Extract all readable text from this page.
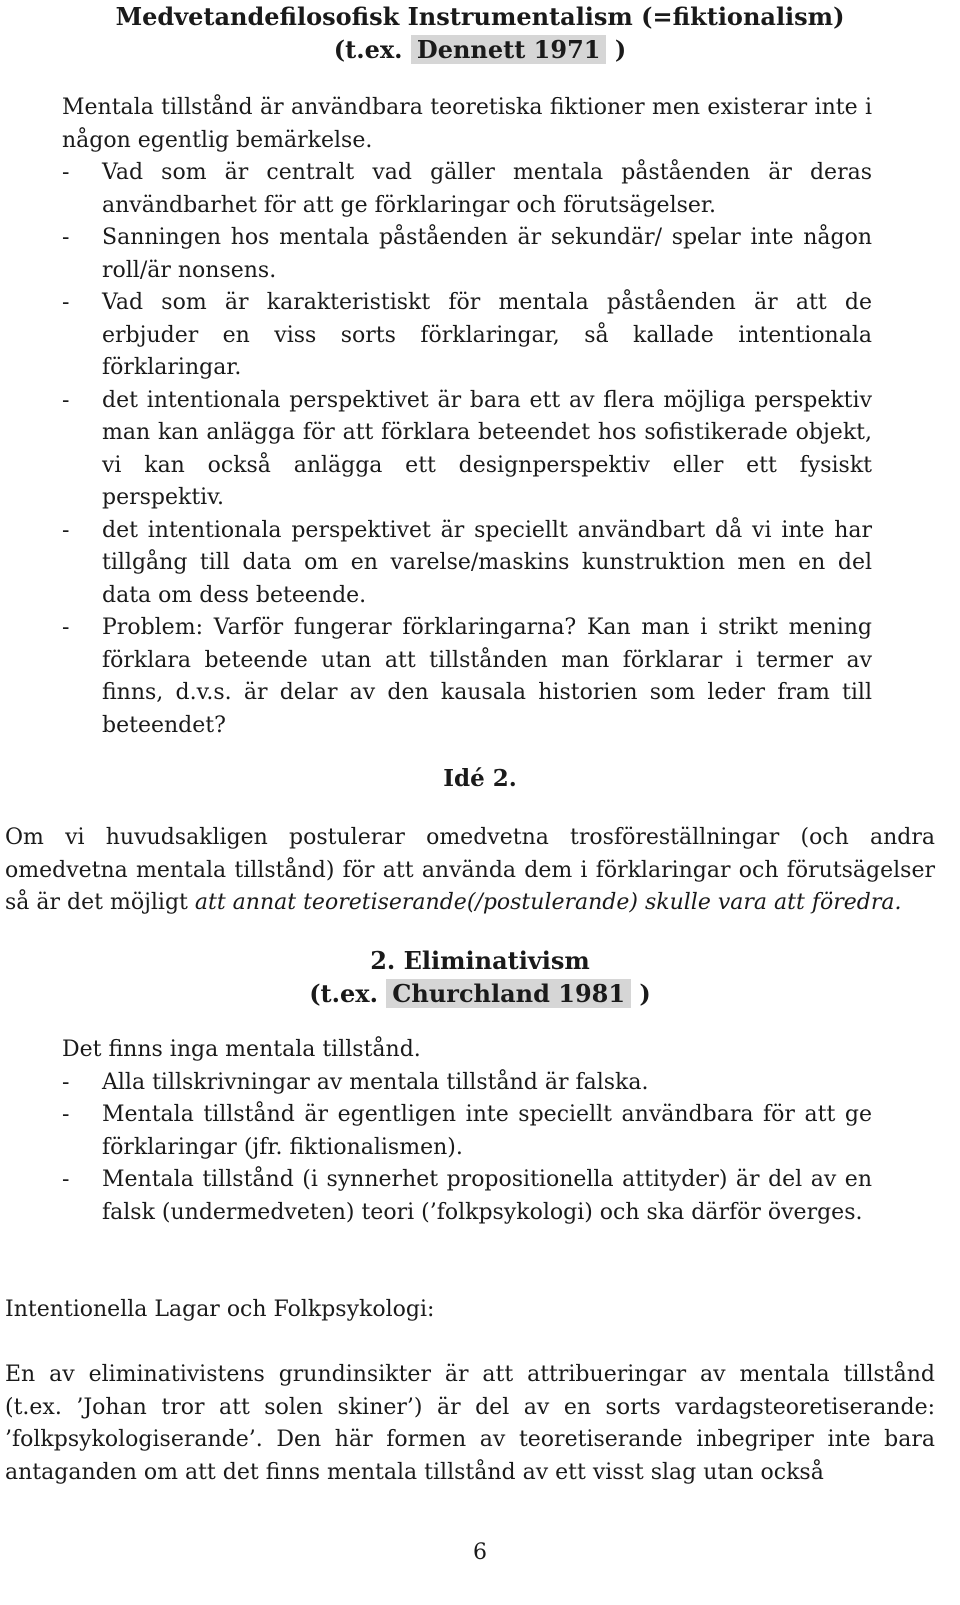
Medvetandefilosofisk Instrumentalism (=fiktionalism)
(t.ex. Dennett 1971 )
Mentala tillstånd är användbara teoretiska fiktioner men existerar inte i någon egentlig bemärkelse.
- Vad som är centralt vad gäller mentala påståenden är deras användbarhet för att ge förklaringar och förutsägelser.
- Sanningen hos mentala påståenden är sekundär/ spelar inte någon roll/är nonsens.
- Vad som är karakteristiskt för mentala påståenden är att de erbjuder en viss sorts förklaringar, så kallade intentionala förklaringar.
- det intentionala perspektivet är bara ett av flera möjliga perspektiv man kan anlägga för att förklara beteendet hos sofistikerade objekt, vi kan också anlägga ett designperspektiv eller ett fysiskt perspektiv.
- det intentionala perspektivet är speciellt användbart då vi inte har tillgång till data om en varelse/maskins kunstruktion men en del data om dess beteende.
- Problem: Varför fungerar förklaringarna? Kan man i strikt mening förklara beteende utan att tillstånden man förklarar i termer av finns, d.v.s. är delar av den kausala historien som leder fram till beteendet?
Idé 2.
Om vi huvudsakligen postulerar omedvetna trosföreställningar (och andra omedvetna mentala tillstånd) för att använda dem i förklaringar och förutsägelser så är det möjligt att annat teoretiserande(/postulerande) skulle vara att föredra.
2. Eliminativism
(t.ex. Churchland 1981 )
Det finns inga mentala tillstånd.
- Alla tillskrivningar av mentala tillstånd är falska.
- Mentala tillstånd är egentligen inte speciellt användbara för att ge förklaringar (jfr. fiktionalismen).
- Mentala tillstånd (i synnerhet propositionella attityder) är del av en falsk (undermedveten) teori (’folkpsykologi) och ska därför överges.
Intentionella Lagar och Folkpsykologi:
En av eliminativistens grundinsikter är att attribueringar av mentala tillstånd (t.ex. ’Johan tror att solen skiner’) är del av en sorts vardagsteoretiserande: ’folkpsykologiserande’. Den här formen av teoretiserande inbegriper inte bara antaganden om att det finns mentala tillstånd av ett visst slag utan också
6
